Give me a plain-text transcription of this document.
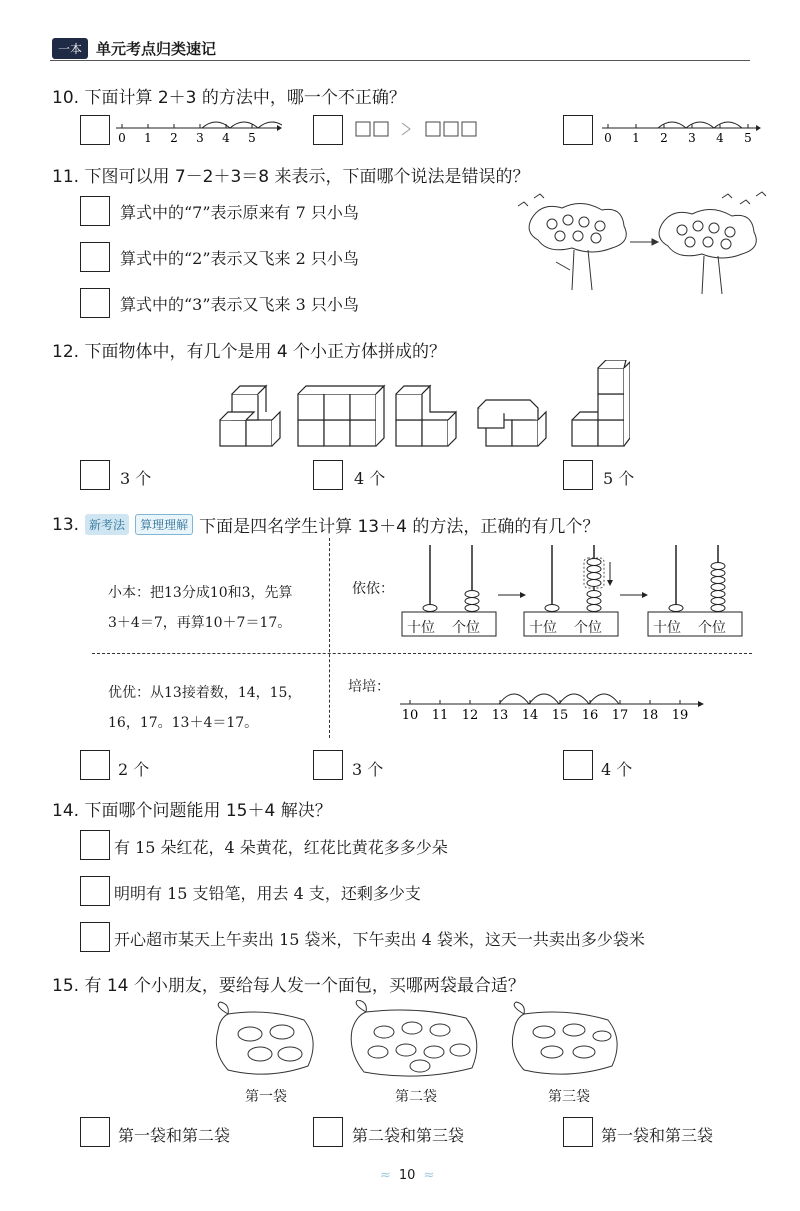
一本 单元考点归类速记
10. 下面计算 2＋3 的方法中，哪一个不正确？
0 1 2 3 4 5	0 1 2 3 4 5
11. 下图可以用 7－2＋3＝8 来表示，下面哪个说法是错误的？
算式中的“7”表示原来有 7 只小鸟
算式中的“2”表示又飞来 2 只小鸟
算式中的“3”表示又飞来 3 只小鸟
12. 下面物体中，有几个是用 4 个小正方体拼成的？
3 个	4 个	5 个
13. 新考法	算理理解 下面是四名学生计算 13＋4 的方法，正确的有几个？
小本：把13分成10和3，先算
3＋4＝7，再算10＋7＝17。
依依：
十位 个位	十位 个位	十位 个位
优优：从13接着数，14，15，
16，17。13＋4＝17。
培培：
10 11 12 13 14 15 16 17 18 19
2 个	3 个	4 个
14. 下面哪个问题能用 15＋4 解决？
有 15 朵红花，4 朵黄花，红花比黄花多多少朵
明明有 15 支铅笔，用去 4 支，还剩多少支
开心超市某天上午卖出 15 袋米，下午卖出 4 袋米，这天一共卖出多少袋米
15. 有 14 个小朋友，要给每人发一个面包，买哪两袋最合适？
第一袋	第二袋	第三袋
第一袋和第二袋	第二袋和第三袋	第一袋和第三袋
≈ 10 ≈
